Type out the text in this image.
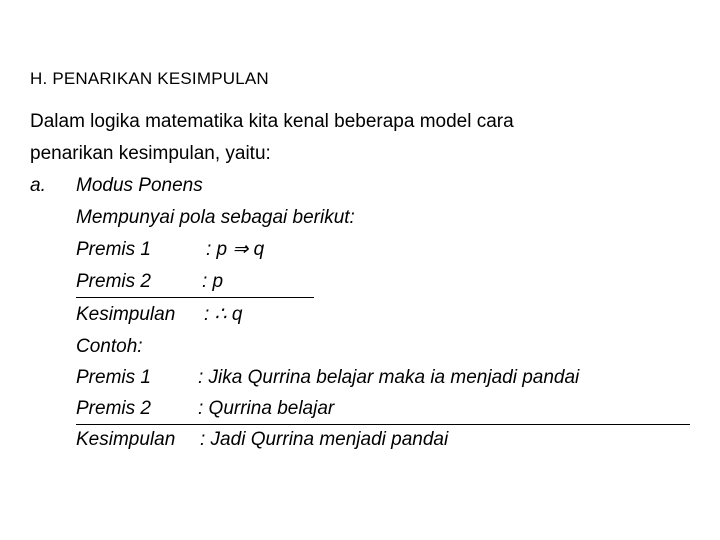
H. PENARIKAN KESIMPULAN
Dalam logika matematika kita kenal beberapa model cara
penarikan kesimpulan, yaitu:
a. Modus Ponens
Mempunyai pola sebagai berikut:
Premis 1	: p ⇒ q
Premis 2	: p
Kesimpulan : ∴ q
Contoh:
Premis 1 : Jika Qurrina belajar maka ia menjadi pandai
Premis 2 : Qurrina belajar
Kesimpulan : Jadi Qurrina menjadi pandai
